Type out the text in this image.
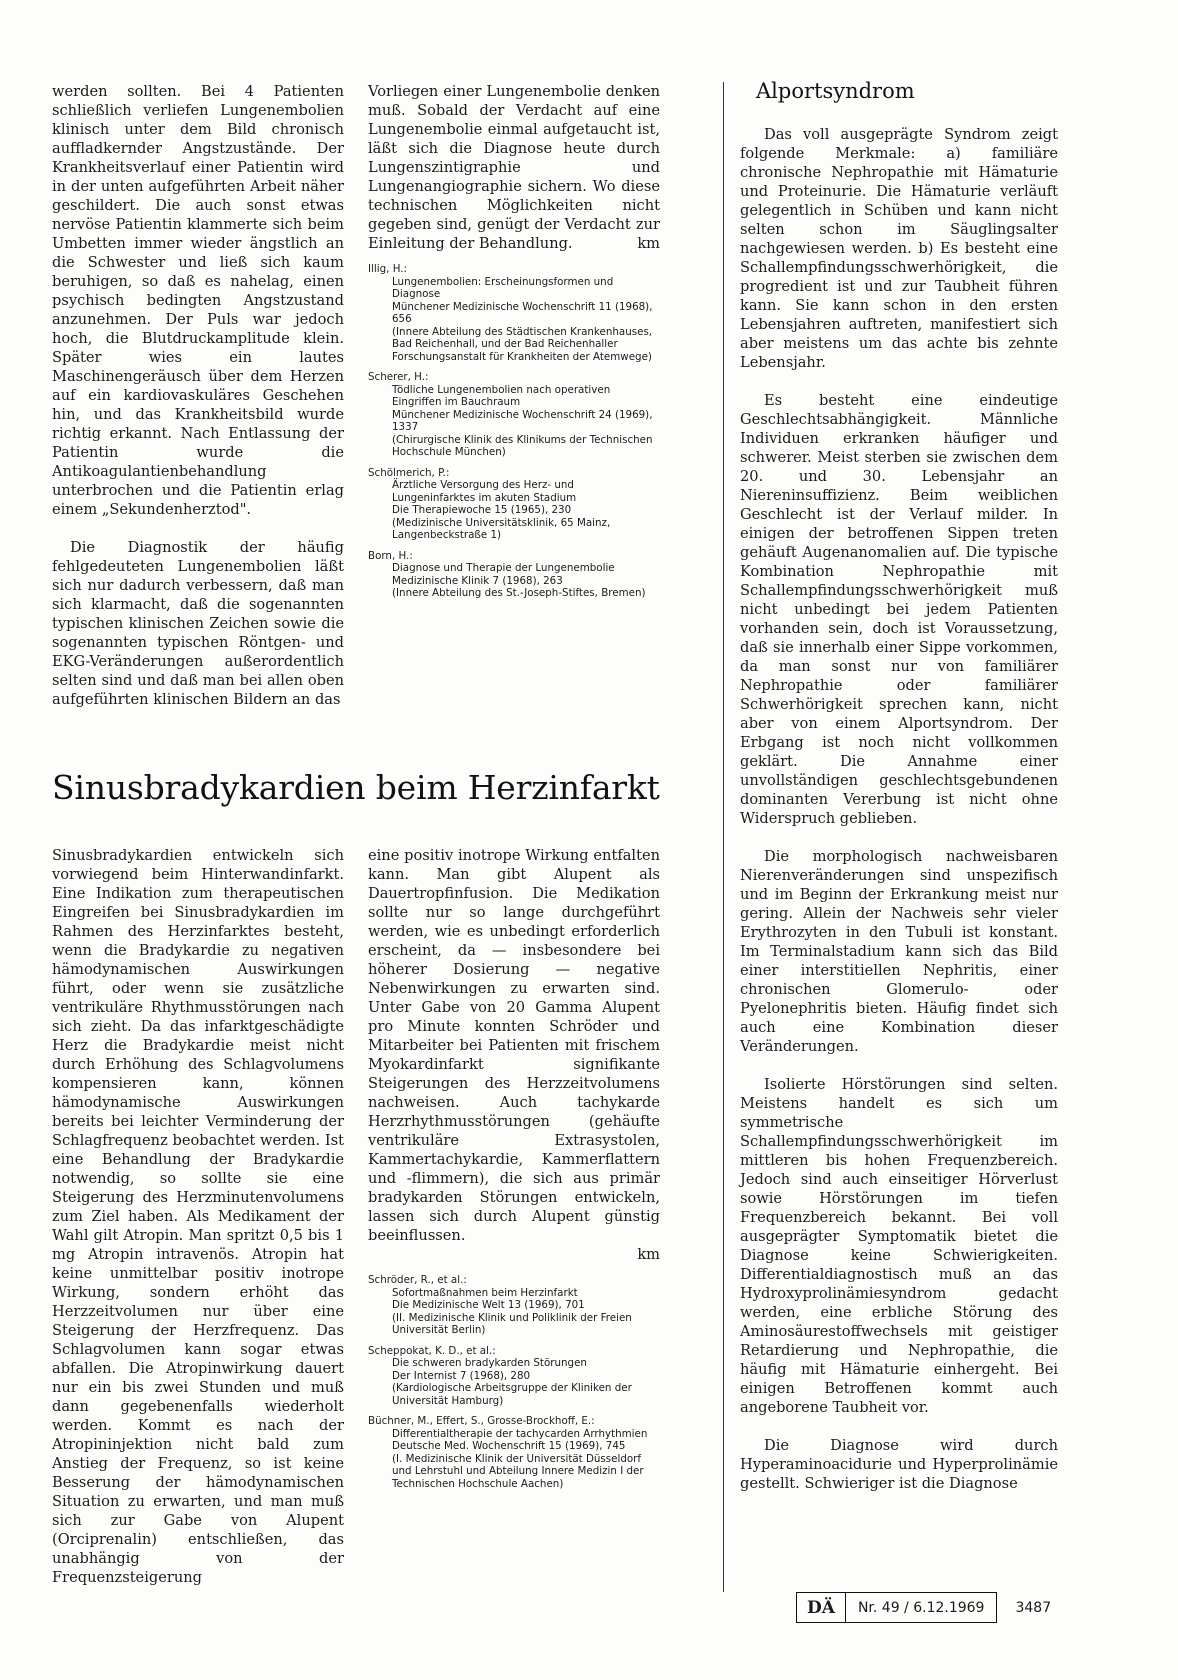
werden sollten. Bei 4 Patienten schließlich verliefen Lungenembolien klinisch unter dem Bild chronisch auffladkernder Angstzustände. Der Krankheitsverlauf einer Patientin wird in der unten aufgeführten Arbeit näher geschildert. Die auch sonst etwas nervöse Patientin klammerte sich beim Umbetten immer wieder ängstlich an die Schwester und ließ sich kaum beruhigen, so daß es nahelag, einen psychisch bedingten Angstzustand anzunehmen. Der Puls war jedoch hoch, die Blutdruckamplitude klein. Später wies ein lautes Maschinengeräusch über dem Herzen auf ein kardiovaskuläres Geschehen hin, und das Krankheitsbild wurde richtig erkannt. Nach Entlassung der Patientin wurde die Antikoagulantienbehandlung unterbrochen und die Patientin erlag einem „Sekundenherztod".

Die Diagnostik der häufig fehlgedeuteten Lungenembolien läßt sich nur dadurch verbessern, daß man sich klarmacht, daß die sogenannten typischen klinischen Zeichen sowie die sogenannten typischen Röntgen- und EKG-Veränderungen außerordentlich selten sind und daß man bei allen oben aufgeführten klinischen Bildern an das

Vorliegen einer Lungenembolie denken muß. Sobald der Verdacht auf eine Lungenembolie einmal aufgetaucht ist, läßt sich die Diagnose heute durch Lungenszintigraphie und Lungenangiographie sichern. Wo diese technischen Möglichkeiten nicht gegeben sind, genügt der Verdacht zur Einleitung der Behandlung.	km

Illig, H.:
Lungenembolien: Erscheinungsformen und Diagnose
Münchener Medizinische Wochenschrift 11 (1968), 656
(Innere Abteilung des Städtischen Krankenhauses, Bad Reichenhall, und der Bad Reichenhaller Forschungsanstalt für Krankheiten der Atemwege)
Scherer, H.:
Tödliche Lungenembolien nach operativen Eingriffen im Bauchraum
Münchener Medizinische Wochenschrift 24 (1969), 1337
(Chirurgische Klinik des Klinikums der Technischen Hochschule München)
Schölmerich, P.:
Ärztliche Versorgung des Herz- und Lungeninfarktes im akuten Stadium
Die Therapiewoche 15 (1965), 230
(Medizinische Universitätsklinik, 65 Mainz, Langenbeckstraße 1)
Born, H.:
Diagnose und Therapie der Lungenembolie
Medizinische Klinik 7 (1968), 263
(Innere Abteilung des St.-Joseph-Stiftes, Bremen)
Sinusbradykardien beim Herzinfarkt

Sinusbradykardien entwickeln sich vorwiegend beim Hinterwandinfarkt. Eine Indikation zum therapeutischen Eingreifen bei Sinusbradykardien im Rahmen des Herzinfarktes besteht, wenn die Bradykardie zu negativen hämodynamischen Auswirkungen führt, oder wenn sie zusätzliche ventrikuläre Rhythmusstörungen nach sich zieht. Da das infarktgeschädigte Herz die Bradykardie meist nicht durch Erhöhung des Schlagvolumens kompensieren kann, können hämodynamische Auswirkungen bereits bei leichter Verminderung der Schlagfrequenz beobachtet werden. Ist eine Behandlung der Bradykardie notwendig, so sollte sie eine Steigerung des Herzminutenvolumens zum Ziel haben. Als Medikament der Wahl gilt Atropin. Man spritzt 0,5 bis 1 mg Atropin intravenös. Atropin hat keine unmittelbar positiv inotrope Wirkung, sondern erhöht das Herzzeitvolumen nur über eine Steigerung der Herzfrequenz. Das Schlagvolumen kann sogar etwas abfallen. Die Atropinwirkung dauert nur ein bis zwei Stunden und muß dann gegebenenfalls wiederholt werden. Kommt es nach der Atropininjektion nicht bald zum Anstieg der Frequenz, so ist keine Besserung der hämodynamischen Situation zu erwarten, und man muß sich zur Gabe von Alupent (Orciprenalin) entschließen, das unabhängig von der Frequenzsteigerung

eine positiv inotrope Wirkung entfalten kann. Man gibt Alupent als Dauertropfinfusion. Die Medikation sollte nur so lange durchgeführt werden, wie es unbedingt erforderlich erscheint, da — insbesondere bei höherer Dosierung — negative Nebenwirkungen zu erwarten sind. Unter Gabe von 20 Gamma Alupent pro Minute konnten Schröder und Mitarbeiter bei Patienten mit frischem Myokardinfarkt signifikante Steigerungen des Herzzeitvolumens nachweisen. Auch tachykarde Herzrhythmusstörungen (gehäufte ventrikuläre Extrasystolen, Kammertachykardie, Kammerflattern und -flimmern), die sich aus primär bradykarden Störungen entwickeln, lassen sich durch Alupent günstig beeinflussen.

km

Schröder, R., et al.:
Sofortmaßnahmen beim Herzinfarkt
Die Medizinische Welt 13 (1969), 701
(II. Medizinische Klinik und Poliklinik der Freien Universität Berlin)
Scheppokat, K. D., et al.:
Die schweren bradykarden Störungen
Der Internist 7 (1968), 280
(Kardiologische Arbeitsgruppe der Kliniken der Universität Hamburg)
Büchner, M., Effert, S., Grosse-Brockhoff, E.:
Differentialtherapie der tachycarden Arrhythmien
Deutsche Med. Wochenschrift 15 (1969), 745
(I. Medizinische Klinik der Universität Düsseldorf und Lehrstuhl und Abteilung Innere Medizin I der Technischen Hochschule Aachen)
Alportsyndrom

Das voll ausgeprägte Syndrom zeigt folgende Merkmale: a) familiäre chronische Nephropathie mit Hämaturie und Proteinurie. Die Hämaturie verläuft gelegentlich in Schüben und kann nicht selten schon im Säuglingsalter nachgewiesen werden. b) Es besteht eine Schallempfindungsschwerhörigkeit, die progredient ist und zur Taubheit führen kann. Sie kann schon in den ersten Lebensjahren auftreten, manifestiert sich aber meistens um das achte bis zehnte Lebensjahr.

Es besteht eine eindeutige Geschlechtsabhängigkeit. Männliche Individuen erkranken häufiger und schwerer. Meist sterben sie zwischen dem 20. und 30. Lebensjahr an Niereninsuffizienz. Beim weiblichen Geschlecht ist der Verlauf milder. In einigen der betroffenen Sippen treten gehäuft Augenanomalien auf. Die typische Kombination Nephropathie mit Schallempfindungsschwerhörigkeit muß nicht unbedingt bei jedem Patienten vorhanden sein, doch ist Voraussetzung, daß sie innerhalb einer Sippe vorkommen, da man sonst nur von familiärer Nephropathie oder familiärer Schwerhörigkeit sprechen kann, nicht aber von einem Alportsyndrom. Der Erbgang ist noch nicht vollkommen geklärt. Die Annahme einer unvollständigen geschlechtsgebundenen dominanten Vererbung ist nicht ohne Widerspruch geblieben.

Die morphologisch nachweisbaren Nierenveränderungen sind unspezifisch und im Beginn der Erkrankung meist nur gering. Allein der Nachweis sehr vieler Erythrozyten in den Tubuli ist konstant. Im Terminalstadium kann sich das Bild einer interstitiellen Nephritis, einer chronischen Glomerulo- oder Pyelonephritis bieten. Häufig findet sich auch eine Kombination dieser Veränderungen.

Isolierte Hörstörungen sind selten. Meistens handelt es sich um symmetrische Schallempfindungsschwerhörigkeit im mittleren bis hohen Frequenzbereich. Jedoch sind auch einseitiger Hörverlust sowie Hörstörungen im tiefen Frequenzbereich bekannt. Bei voll ausgeprägter Symptomatik bietet die Diagnose keine Schwierigkeiten. Differentialdiagnostisch muß an das Hydroxyprolinämiesyndrom gedacht werden, eine erbliche Störung des Aminosäurestoffwechsels mit geistiger Retardierung und Nephropathie, die häufig mit Hämaturie einhergeht. Bei einigen Betroffenen kommt auch angeborene Taubheit vor.

Die Diagnose wird durch Hyperaminoacidurie und Hyperprolinämie gestellt. Schwieriger ist die Diagnose

DÄ	Nr. 49 / 6.12.1969	3487
